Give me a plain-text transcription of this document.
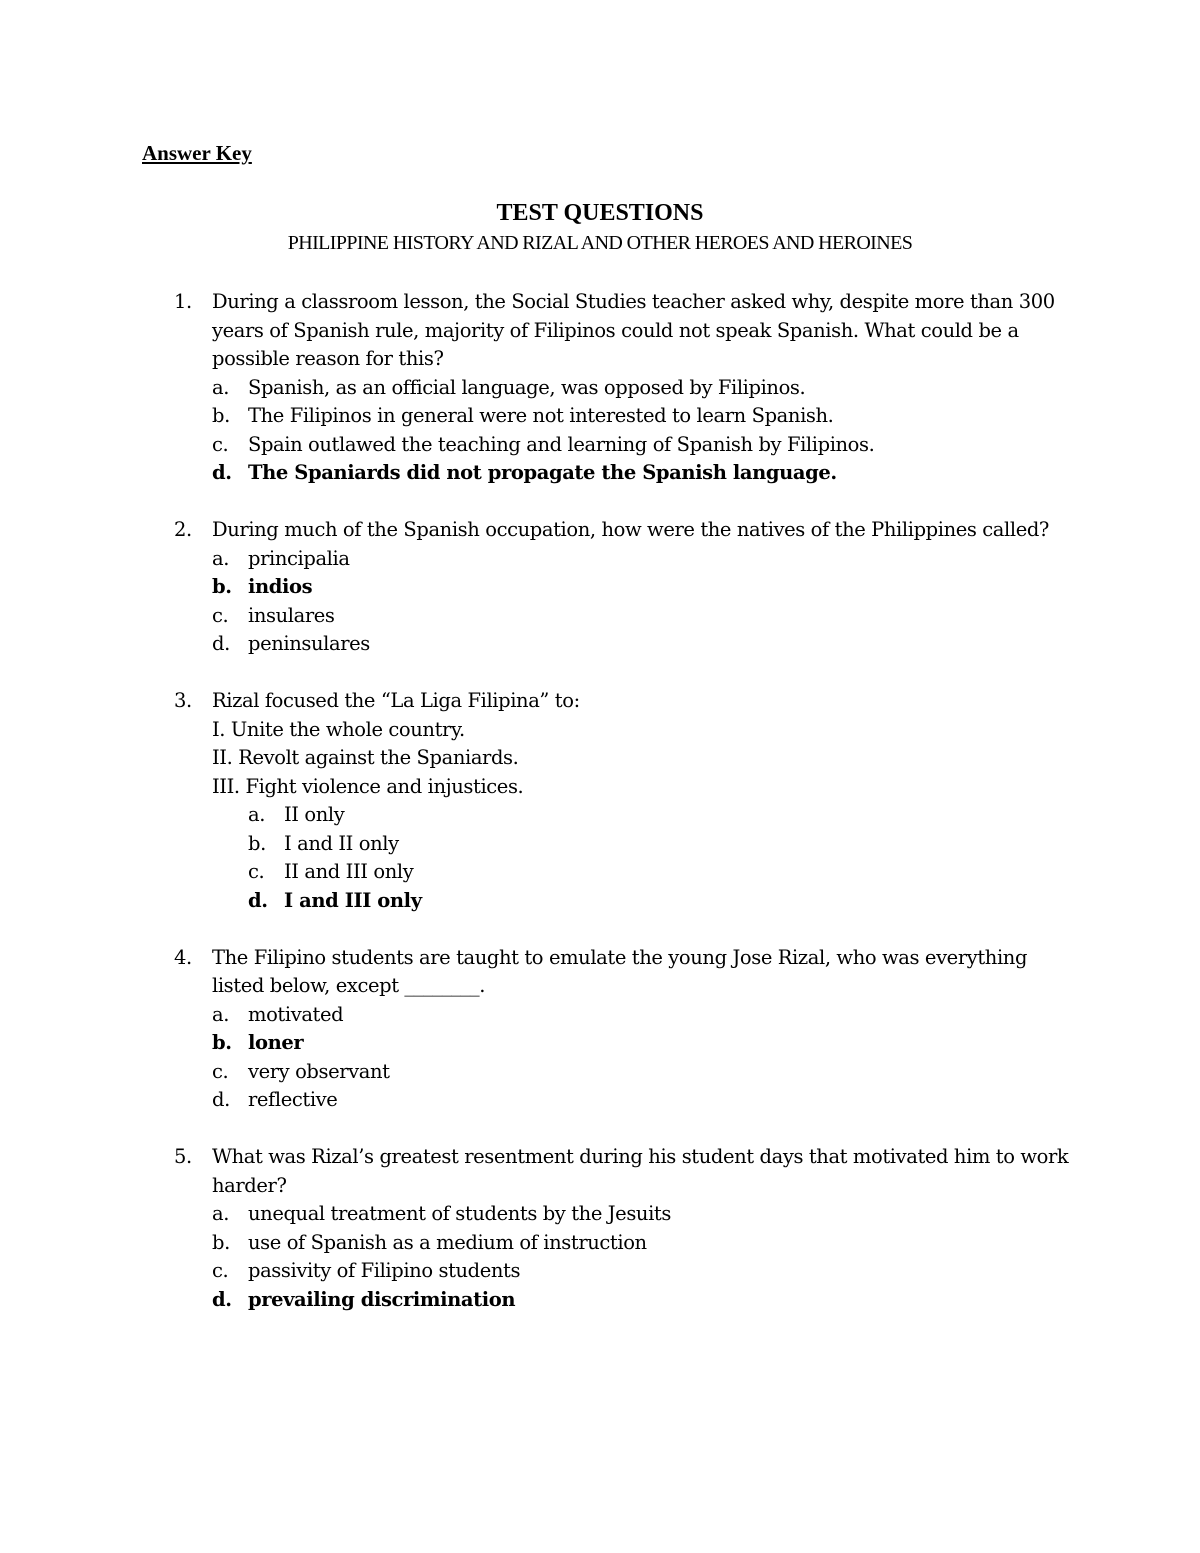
Answer Key
TEST QUESTIONS
PHILIPPINE HISTORY AND RIZAL AND OTHER HEROES AND HEROINES
1. During a classroom lesson, the Social Studies teacher asked why, despite more than 300 years of Spanish rule, majority of Filipinos could not speak Spanish. What could be a possible reason for this?
a. Spanish, as an official language, was opposed by Filipinos.
b. The Filipinos in general were not interested to learn Spanish.
c. Spain outlawed the teaching and learning of Spanish by Filipinos.
d. The Spaniards did not propagate the Spanish language.
2. During much of the Spanish occupation, how were the natives of the Philippines called?
a. principalia
b. indios
c. insulares
d. peninsulares
3. Rizal focused the “La Liga Filipina” to:
I. Unite the whole country.
II. Revolt against the Spaniards.
III. Fight violence and injustices.
a. II only
b. I and II only
c. II and III only
d. I and III only
4. The Filipino students are taught to emulate the young Jose Rizal, who was everything listed below, except ________.
a. motivated
b. loner
c. very observant
d. reflective
5. What was Rizal’s greatest resentment during his student days that motivated him to work harder?
a. unequal treatment of students by the Jesuits
b. use of Spanish as a medium of instruction
c. passivity of Filipino students
d. prevailing discrimination
